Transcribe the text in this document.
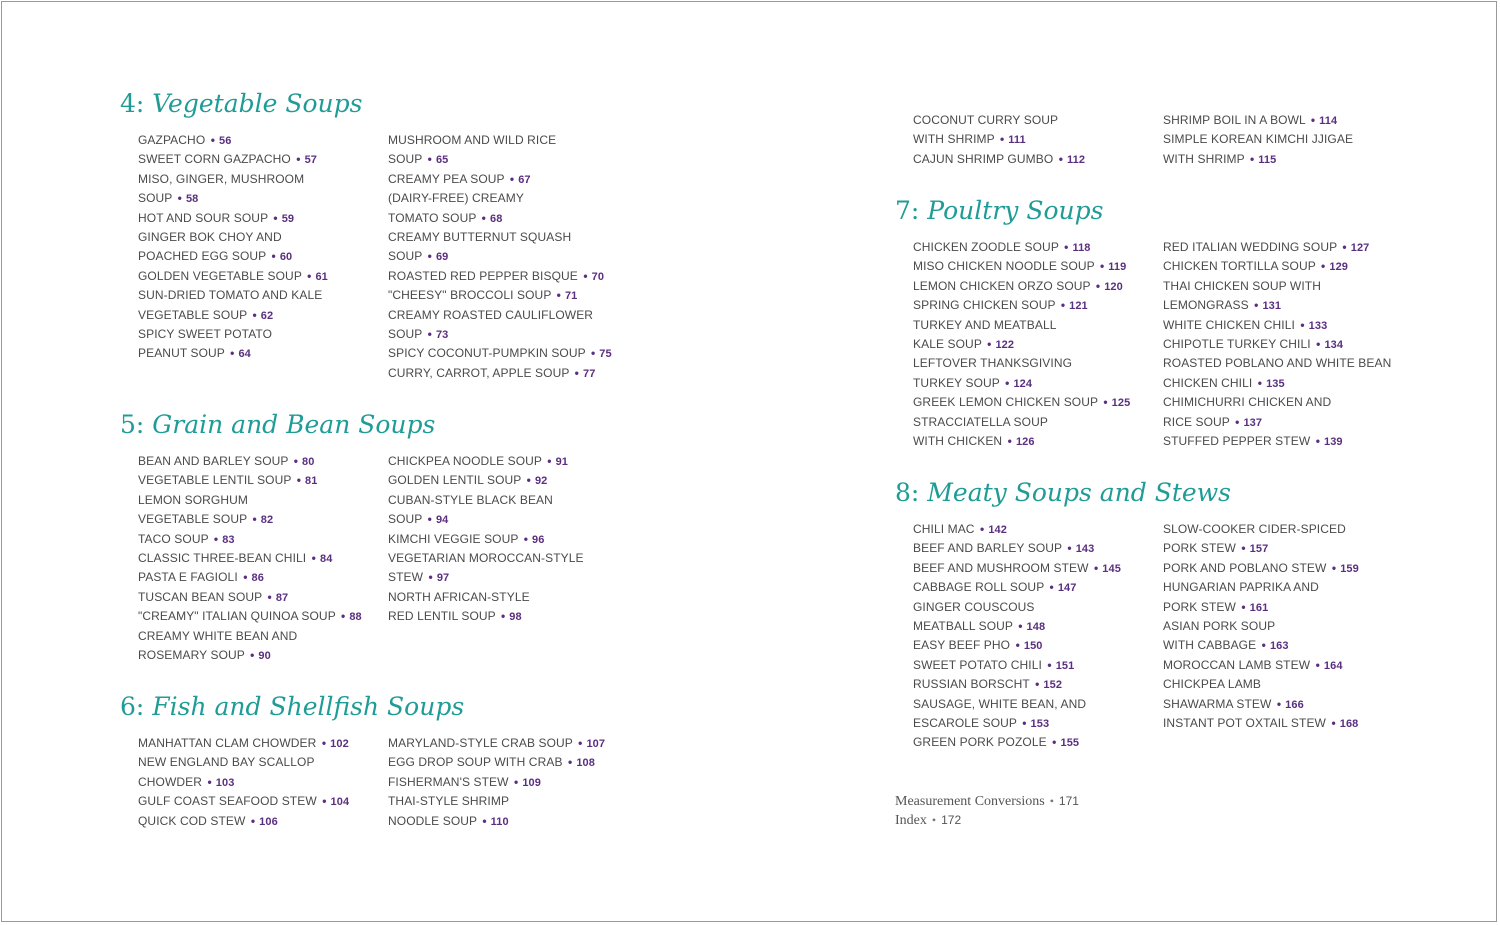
4: Vegetable Soups
GAZPACHO • 56
SWEET CORN GAZPACHO • 57
MISO, GINGER, MUSHROOM
SOUP • 58
HOT AND SOUR SOUP • 59
GINGER BOK CHOY AND
POACHED EGG SOUP • 60
GOLDEN VEGETABLE SOUP • 61
SUN-DRIED TOMATO AND KALE
VEGETABLE SOUP • 62
SPICY SWEET POTATO
PEANUT SOUP • 64
MUSHROOM AND WILD RICE
SOUP • 65
CREAMY PEA SOUP • 67
(DAIRY-FREE) CREAMY
TOMATO SOUP • 68
CREAMY BUTTERNUT SQUASH
SOUP • 69
ROASTED RED PEPPER BISQUE • 70
"CHEESY" BROCCOLI SOUP • 71
CREAMY ROASTED CAULIFLOWER
SOUP • 73
SPICY COCONUT-PUMPKIN SOUP • 75
CURRY, CARROT, APPLE SOUP • 77
5: Grain and Bean Soups
BEAN AND BARLEY SOUP • 80
VEGETABLE LENTIL SOUP • 81
LEMON SORGHUM
VEGETABLE SOUP • 82
TACO SOUP • 83
CLASSIC THREE-BEAN CHILI • 84
PASTA E FAGIOLI • 86
TUSCAN BEAN SOUP • 87
"CREAMY" ITALIAN QUINOA SOUP • 88
CREAMY WHITE BEAN AND
ROSEMARY SOUP • 90
CHICKPEA NOODLE SOUP • 91
GOLDEN LENTIL SOUP • 92
CUBAN-STYLE BLACK BEAN
SOUP • 94
KIMCHI VEGGIE SOUP • 96
VEGETARIAN MOROCCAN-STYLE
STEW • 97
NORTH AFRICAN-STYLE
RED LENTIL SOUP • 98
6: Fish and Shellfish Soups
MANHATTAN CLAM CHOWDER • 102
NEW ENGLAND BAY SCALLOP
CHOWDER • 103
GULF COAST SEAFOOD STEW • 104
QUICK COD STEW • 106
MARYLAND-STYLE CRAB SOUP • 107
EGG DROP SOUP WITH CRAB • 108
FISHERMAN'S STEW • 109
THAI-STYLE SHRIMP
NOODLE SOUP • 110
COCONUT CURRY SOUP
WITH SHRIMP • 111
CAJUN SHRIMP GUMBO • 112
SHRIMP BOIL IN A BOWL • 114
SIMPLE KOREAN KIMCHI JJIGAE
WITH SHRIMP • 115
7: Poultry Soups
CHICKEN ZOODLE SOUP • 118
MISO CHICKEN NOODLE SOUP • 119
LEMON CHICKEN ORZO SOUP • 120
SPRING CHICKEN SOUP • 121
TURKEY AND MEATBALL
KALE SOUP • 122
LEFTOVER THANKSGIVING
TURKEY SOUP • 124
GREEK LEMON CHICKEN SOUP • 125
STRACCIATELLA SOUP
WITH CHICKEN • 126
RED ITALIAN WEDDING SOUP • 127
CHICKEN TORTILLA SOUP • 129
THAI CHICKEN SOUP WITH
LEMONGRASS • 131
WHITE CHICKEN CHILI • 133
CHIPOTLE TURKEY CHILI • 134
ROASTED POBLANO AND WHITE BEAN
CHICKEN CHILI • 135
CHIMICHURRI CHICKEN AND
RICE SOUP • 137
STUFFED PEPPER STEW • 139
8: Meaty Soups and Stews
CHILI MAC • 142
BEEF AND BARLEY SOUP • 143
BEEF AND MUSHROOM STEW • 145
CABBAGE ROLL SOUP • 147
GINGER COUSCOUS
MEATBALL SOUP • 148
EASY BEEF PHO • 150
SWEET POTATO CHILI • 151
RUSSIAN BORSCHT • 152
SAUSAGE, WHITE BEAN, AND
ESCAROLE SOUP • 153
GREEN PORK POZOLE • 155
SLOW-COOKER CIDER-SPICED
PORK STEW • 157
PORK AND POBLANO STEW • 159
HUNGARIAN PAPRIKA AND
PORK STEW • 161
ASIAN PORK SOUP
WITH CABBAGE • 163
MOROCCAN LAMB STEW • 164
CHICKPEA LAMB
SHAWARMA STEW • 166
INSTANT POT OXTAIL STEW • 168
Measurement Conversions • 171
Index • 172
